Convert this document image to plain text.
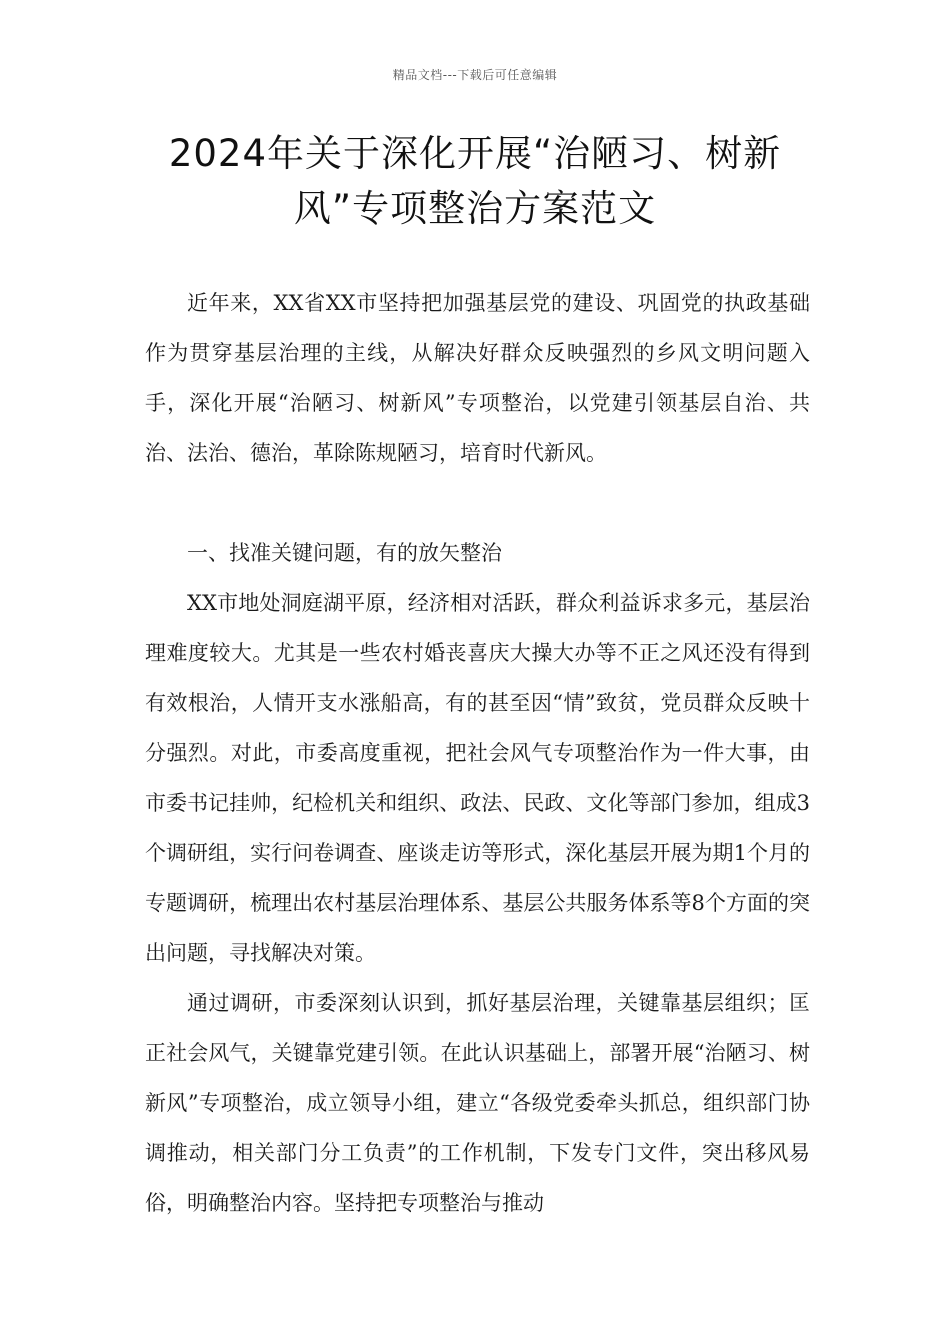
精品文档---下载后可任意编辑
2024年关于深化开展“治陋习、树新
风”专项整治方案范文

近年来，XX省XX市坚持把加强基层党的建设、巩固党的执政基础作为贯穿基层治理的主线，从解决好群众反映强烈的乡风文明问题入手，深化开展“治陋习、树新风”专项整治，以党建引领基层自治、共治、法治、德治，革除陈规陋习，培育时代新风。

一、找准关键问题，有的放矢整治

XX市地处洞庭湖平原，经济相对活跃，群众利益诉求多元，基层治理难度较大。尤其是一些农村婚丧喜庆大操大办等不正之风还没有得到有效根治，人情开支水涨船高，有的甚至因“情”致贫，党员群众反映十分强烈。对此，市委高度重视，把社会风气专项整治作为一件大事，由市委书记挂帅，纪检机关和组织、政法、民政、文化等部门参加，组成3个调研组，实行问卷调查、座谈走访等形式，深化基层开展为期1个月的专题调研，梳理出农村基层治理体系、基层公共服务体系等8个方面的突出问题，寻找解决对策。

通过调研，市委深刻认识到，抓好基层治理，关键靠基层组织；匡正社会风气，关键靠党建引领。在此认识基础上，部署开展“治陋习、树新风”专项整治，成立领导小组，建立“各级党委牵头抓总，组织部门协调推动，相关部门分工负责”的工作机制，下发专门文件，突出移风易俗，明确整治内容。坚持把专项整治与推动
